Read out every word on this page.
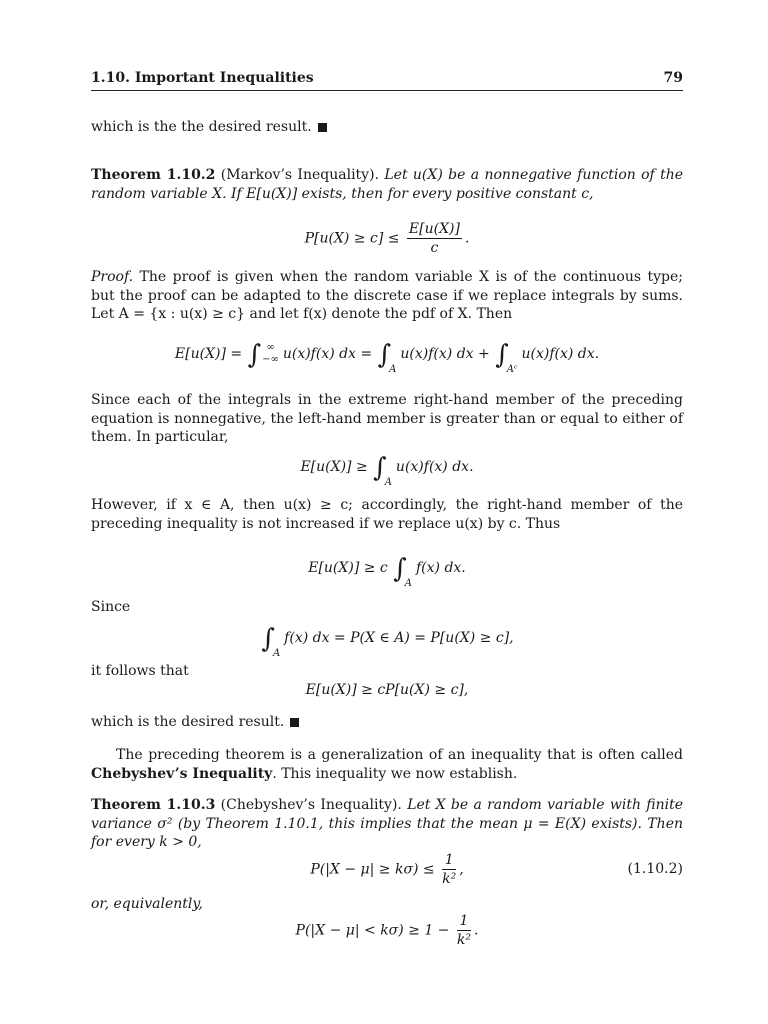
1.10. Important Inequalities	79

which is the the desired result.

Theorem 1.10.2 (Markov’s Inequality). Let u(X) be a nonnegative function of the random variable X. If E[u(X)] exists, then for every positive constant c,

$P[u(X) \ge c] \le \frac{E[u(X)]}{c}$ .

Proof. The proof is given when the random variable X is of the continuous type; but the proof can be adapted to the discrete case if we replace integrals by sums. Let A = {x : u(x) ≥ c} and let f(x) denote the pdf of X. Then

E[u(X)] = ∫ ∞
−∞ u(x)f(x) dx = $\int_Au(x)f(x)$ dx + $\int_{Aᶜ}u(x)f(x)$ dx.

Since each of the integrals in the extreme right-hand member of the preceding equation is nonnegative, the left-hand member is greater than or equal to either of them. In particular,

$E[u(X)] \ge \int_Au(x)f(x)$ dx.

However, if x ∈ A, then u(x) ≥ c; accordingly, the right-hand member of the preceding inequality is not increased if we replace u(x) by c. Thus

E[u(X)] ≥ c $\int_Af(x)$ dx.

Since

$\int_Af(x)$ dx = P(X ∈ A) = P[u(X) ≥ c],

it follows that

E[u(X)] ≥ cP[u(X) ≥ c],

which is the desired result.

The preceding theorem is a generalization of an inequality that is often called Chebyshev’s Inequality. This inequality we now establish.

Theorem 1.10.3 (Chebyshev’s Inequality). Let X be a random variable with finite variance σ² (by Theorem 1.10.1, this implies that the mean μ = E(X) exists). Then for every k > 0,

$P(|X - \mu| \ge k\sigma) \le \frac{1}{\text{k²}}$ ,	(1.10.2)

or, equivalently,

$P(|X - \mu| < k\sigma) \ge 1 - \frac{1}{\text{k²}}$ .
